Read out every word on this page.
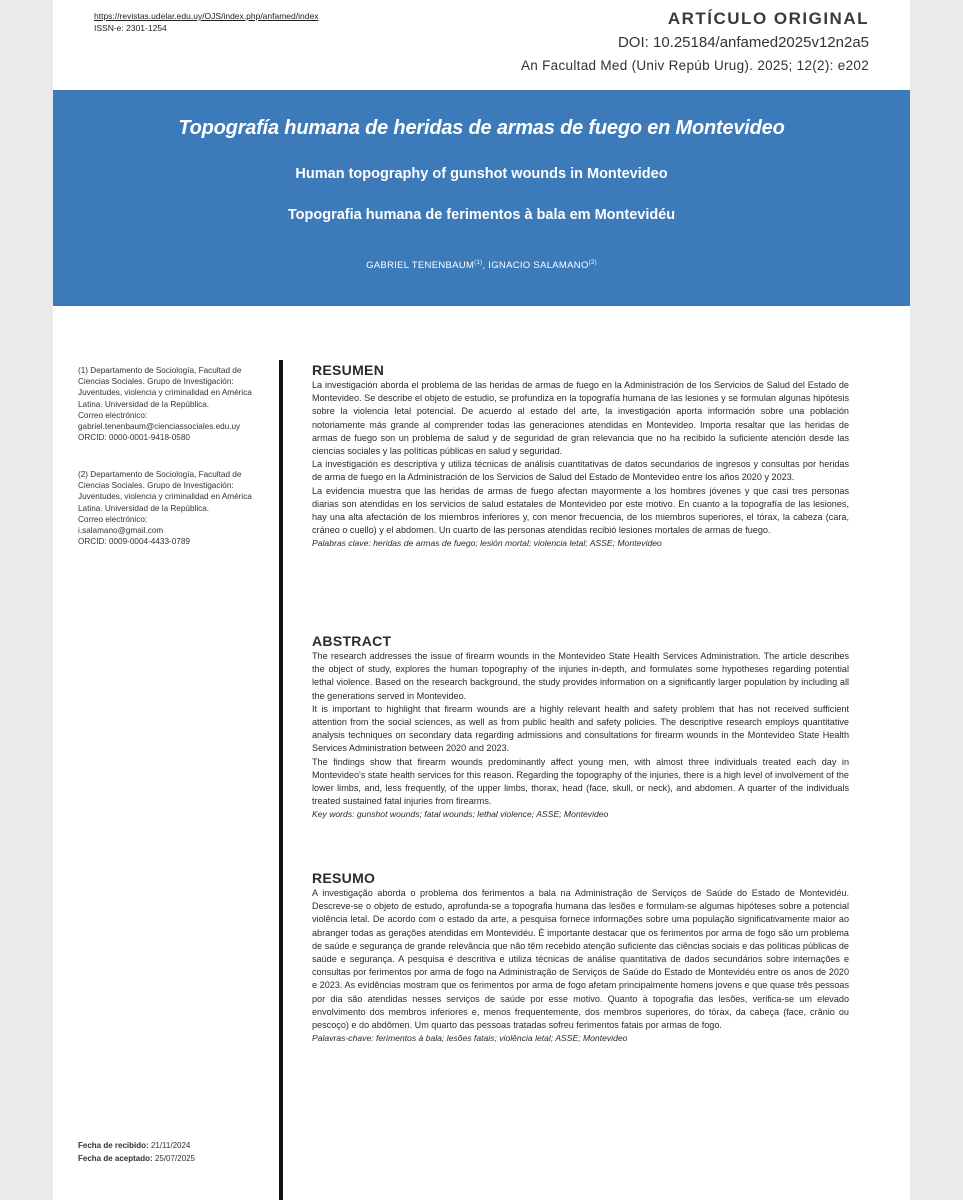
https://revistas.udelar.edu.uy/OJS/index.php/anfamed/index
ISSN-e: 2301-1254	ARTÍCULO ORIGINAL
DOI: 10.25184/anfamed2025v12n2a5
An Facultad Med (Univ Repúb Urug). 2025; 12(2): e202
Topografía humana de heridas de armas de fuego en Montevideo
Human topography of gunshot wounds in Montevideo
Topografia humana de ferimentos à bala em Montevidéu
GABRIEL TENENBAUM$^{(1)}$, IGNACIO SALAMANO$^{(2)}$

(1) Departamento de Sociología, Facultad de Ciencias Sociales. Grupo de Investigación: Juventudes, violencia y criminalidad en América Latina. Universidad de la República.

Correo electrónico:

gabriel.tenenbaum@cienciassociales.edu.uy

ORCID: 0000-0001-9418-0580

(2) Departamento de Sociología, Facultad de Ciencias Sociales. Grupo de Investigación: Juventudes, violencia y criminalidad en América Latina. Universidad de la República.

Correo electrónico:

i.salamano@gmail.com

ORCID: 0009-0004-4433-0789

RESUMEN

La investigación aborda el problema de las heridas de armas de fuego en la Administración de los Servicios de Salud del Estado de Montevideo. Se describe el objeto de estudio, se profundiza en la topografía humana de las lesiones y se formulan algunas hipótesis sobre la violencia letal potencial. De acuerdo al estado del arte, la investigación aporta información sobre una población notoriamente más grande al comprender todas las generaciones atendidas en Montevideo. Importa resaltar que las heridas de armas de fuego son un problema de salud y de seguridad de gran relevancia que no ha recibido la suficiente atención desde las ciencias sociales y las políticas públicas en salud y seguridad.

La investigación es descriptiva y utiliza técnicas de análisis cuantitativas de datos secundarios de ingresos y consultas por heridas de arma de fuego en la Administración de los Servicios de Salud del Estado de Montevideo entre los años 2020 y 2023.

La evidencia muestra que las heridas de armas de fuego afectan mayormente a los hombres jóvenes y que casi tres personas diarias son atendidas en los servicios de salud estatales de Montevideo por este motivo. En cuanto a la topografía de las lesiones, hay una alta afectación de los miembros inferiores y, con menor frecuencia, de los miembros superiores, el tórax, la cabeza (cara, cráneo o cuello) y el abdomen. Un cuarto de las personas atendidas recibió lesiones mortales de armas de fuego.

Palabras clave: heridas de armas de fuego; lesión mortal; violencia letal; ASSE; Montevideo

ABSTRACT

The research addresses the issue of firearm wounds in the Montevideo State Health Services Administration. The article describes the object of study, explores the human topography of the injuries in-depth, and formulates some hypotheses regarding potential lethal violence. Based on the research background, the study provides information on a significantly larger population by including all the generations served in Montevideo.

It is important to highlight that firearm wounds are a highly relevant health and safety problem that has not received sufficient attention from the social sciences, as well as from public health and safety policies. The descriptive research employs quantitative analysis techniques on secondary data regarding admissions and consultations for firearm wounds in the Montevideo State Health Services Administration between 2020 and 2023.

The findings show that firearm wounds predominantly affect young men, with almost three individuals treated each day in Montevideo's state health services for this reason. Regarding the topography of the injuries, there is a high level of involvement of the lower limbs, and, less frequently, of the upper limbs, thorax, head (face, skull, or neck), and abdomen. A quarter of the individuals treated sustained fatal injuries from firearms.

Key words: gunshot wounds; fatal wounds; lethal violence; ASSE; Montevideo

RESUMO

A investigação aborda o problema dos ferimentos a bala na Administração de Serviços de Saúde do Estado de Montevidéu. Descreve-se o objeto de estudo, aprofunda-se a topografia humana das lesões e formulam-se algumas hipóteses sobre a potencial violência letal. De acordo com o estado da arte, a pesquisa fornece informações sobre uma população significativamente maior ao abranger todas as gerações atendidas em Montevidéu. É importante destacar que os ferimentos por arma de fogo são um problema de saúde e segurança de grande relevância que não têm recebido atenção suficiente das ciências sociais e das políticas públicas de saúde e segurança. A pesquisa é descritiva e utiliza técnicas de análise quantitativa de dados secundários sobre internações e consultas por ferimentos por arma de fogo na Administração de Serviços de Saúde do Estado de Montevidéu entre os anos de 2020 e 2023. As evidências mostram que os ferimentos por arma de fogo afetam principalmente homens jovens e que quase três pessoas por dia são atendidas nesses serviços de saúde por esse motivo. Quanto à topografia das lesões, verifica-se um elevado envolvimento dos membros inferiores e, menos frequentemente, dos membros superiores, do tórax, da cabeça (face, crânio ou pescoço) e do abdômen. Um quarto das pessoas tratadas sofreu ferimentos fatais por armas de fogo.

Palavras-chave: ferimentos à bala; lesões fatais; violência letal; ASSE; Montevideo

Fecha de recibido: 21/11/2024
Fecha de aceptado: 25/07/2025
